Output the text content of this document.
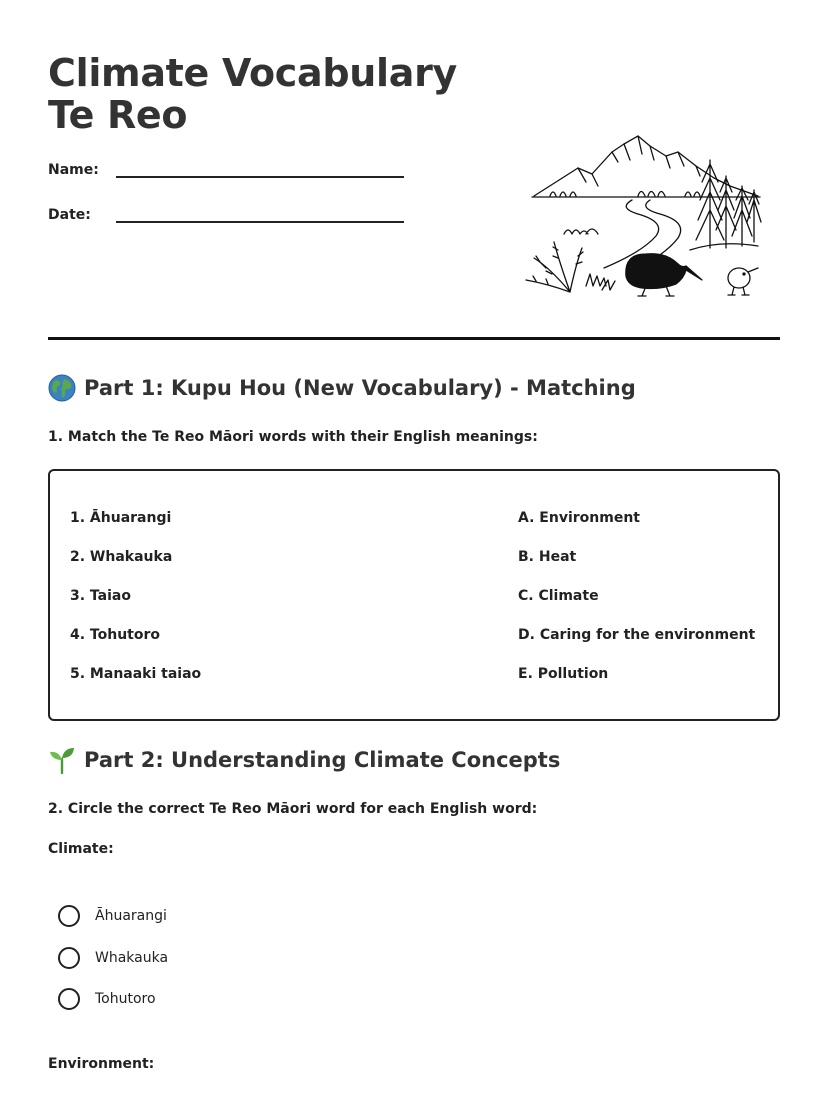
Climate Vocabulary Te Reo
Name:
Date:
Part 1: Kupu Hou (New Vocabulary) - Matching
1. Match the Te Reo Māori words with their English meanings:
1. Āhuarangi
2. Whakauka
3. Taiao
4. Tohutoro
5. Manaaki taiao
A. Environment
B. Heat
C. Climate
D. Caring for the environment
E. Pollution
Part 2: Understanding Climate Concepts
2. Circle the correct Te Reo Māori word for each English word:
Climate:
Āhuarangi
Whakauka
Tohutoro
Environment:
